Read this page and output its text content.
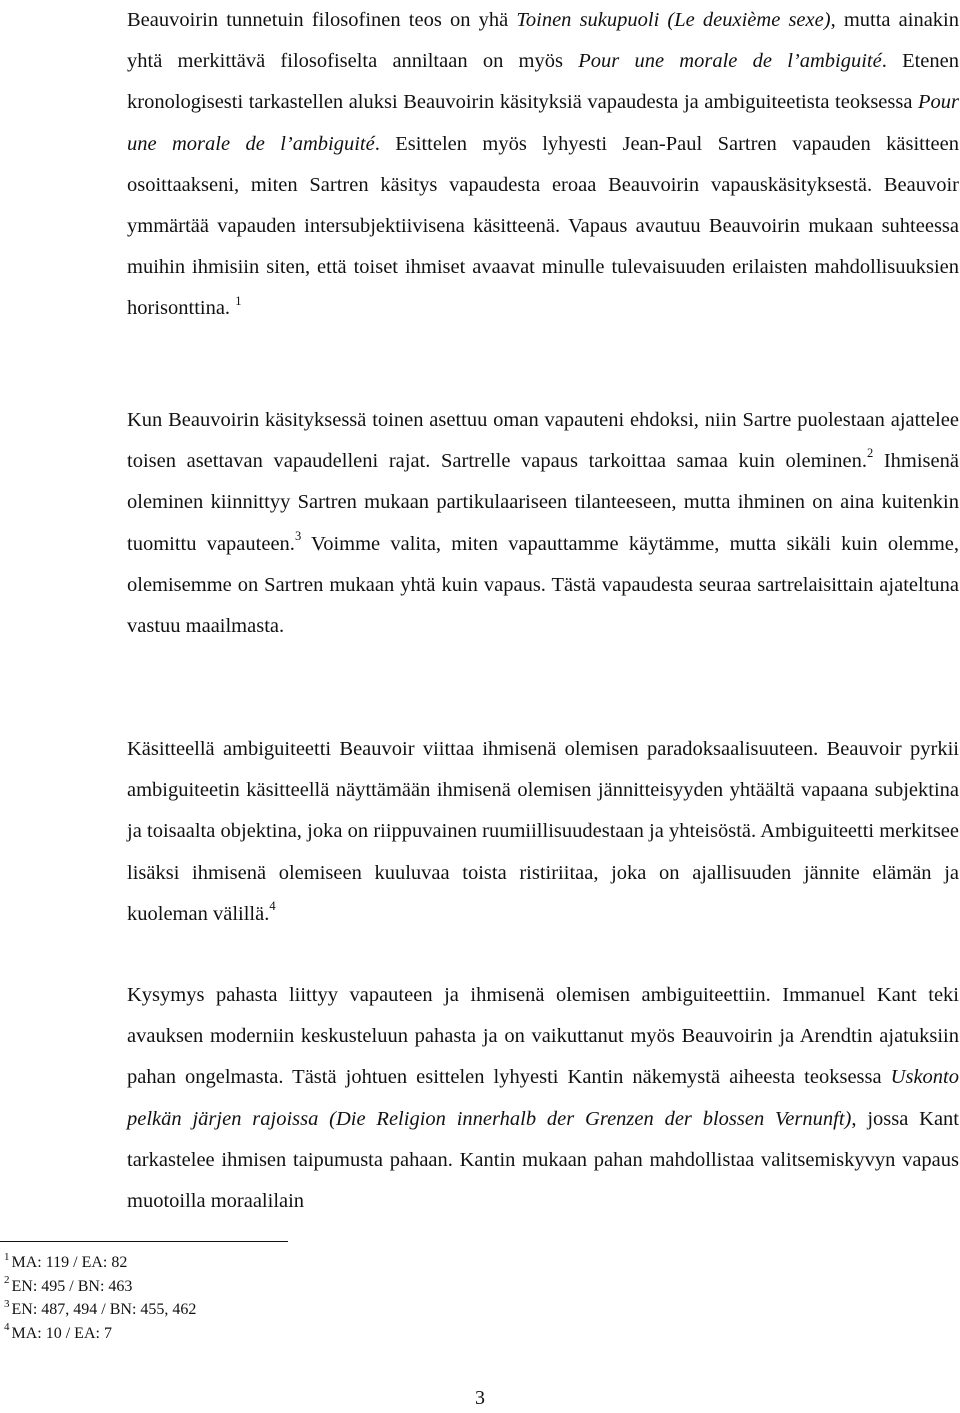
Beauvoirin tunnetuin filosofinen teos on yhä Toinen sukupuoli (Le deuxième sexe), mutta ainakin yhtä merkittävä filosofiselta anniltaan on myös Pour une morale de l’ambiguité. Etenen kronologisesti tarkastellen aluksi Beauvoirin käsityksiä vapaudesta ja ambiguiteetista teoksessa Pour une morale de l’ambiguité. Esittelen myös lyhyesti Jean-Paul Sartren vapauden käsitteen osoittaakseni, miten Sartren käsitys vapaudesta eroaa Beauvoirin vapauskäsityksestä. Beauvoir ymmärtää vapauden intersubjektiivisena käsitteenä. Vapaus avautuu Beauvoirin mukaan suhteessa muihin ihmisiin siten, että toiset ihmiset avaavat minulle tulevaisuuden erilaisten mahdollisuuksien horisonttina. $^1$

Kun Beauvoirin käsityksessä toinen asettuu oman vapauteni ehdoksi, niin Sartre puolestaan ajattelee toisen asettavan vapaudelleni rajat. Sartrelle vapaus tarkoittaa samaa kuin oleminen.$^2$ Ihmisenä oleminen kiinnittyy Sartren mukaan partikulaariseen tilanteeseen, mutta ihminen on aina kuitenkin tuomittu vapauteen.$^3$ Voimme valita, miten vapauttamme käytämme, mutta sikäli kuin olemme, olemisemme on Sartren mukaan yhtä kuin vapaus. Tästä vapaudesta seuraa sartrelaisittain ajateltuna vastuu maailmasta.

Käsitteellä ambiguiteetti Beauvoir viittaa ihmisenä olemisen paradoksaalisuuteen. Beauvoir pyrkii ambiguiteetin käsitteellä näyttämään ihmisenä olemisen jännitteisyyden yhtäältä vapaana subjektina ja toisaalta objektina, joka on riippuvainen ruumiillisuudestaan ja yhteisöstä. Ambiguiteetti merkitsee lisäksi ihmisenä olemiseen kuuluvaa toista ristiriitaa, joka on ajallisuuden jännite elämän ja kuoleman välillä.$^4$

Kysymys pahasta liittyy vapauteen ja ihmisenä olemisen ambiguiteettiin. Immanuel Kant teki avauksen moderniin keskusteluun pahasta ja on vaikuttanut myös Beauvoirin ja Arendtin ajatuksiin pahan ongelmasta. Tästä johtuen esittelen lyhyesti Kantin näkemystä aiheesta teoksessa Uskonto pelkän järjen rajoissa (Die Religion innerhalb der Grenzen der blossen Vernunft), jossa Kant tarkastelee ihmisen taipumusta pahaan. Kantin mukaan pahan mahdollistaa valitsemiskyvyn vapaus muotoilla moraalilain

$^1$ MA: 119 / EA: 82
$^2$ EN: 495 / BN: 463
$^3$ EN: 487, 494 / BN: 455, 462
$^4$ MA: 10 / EA: 7
3
